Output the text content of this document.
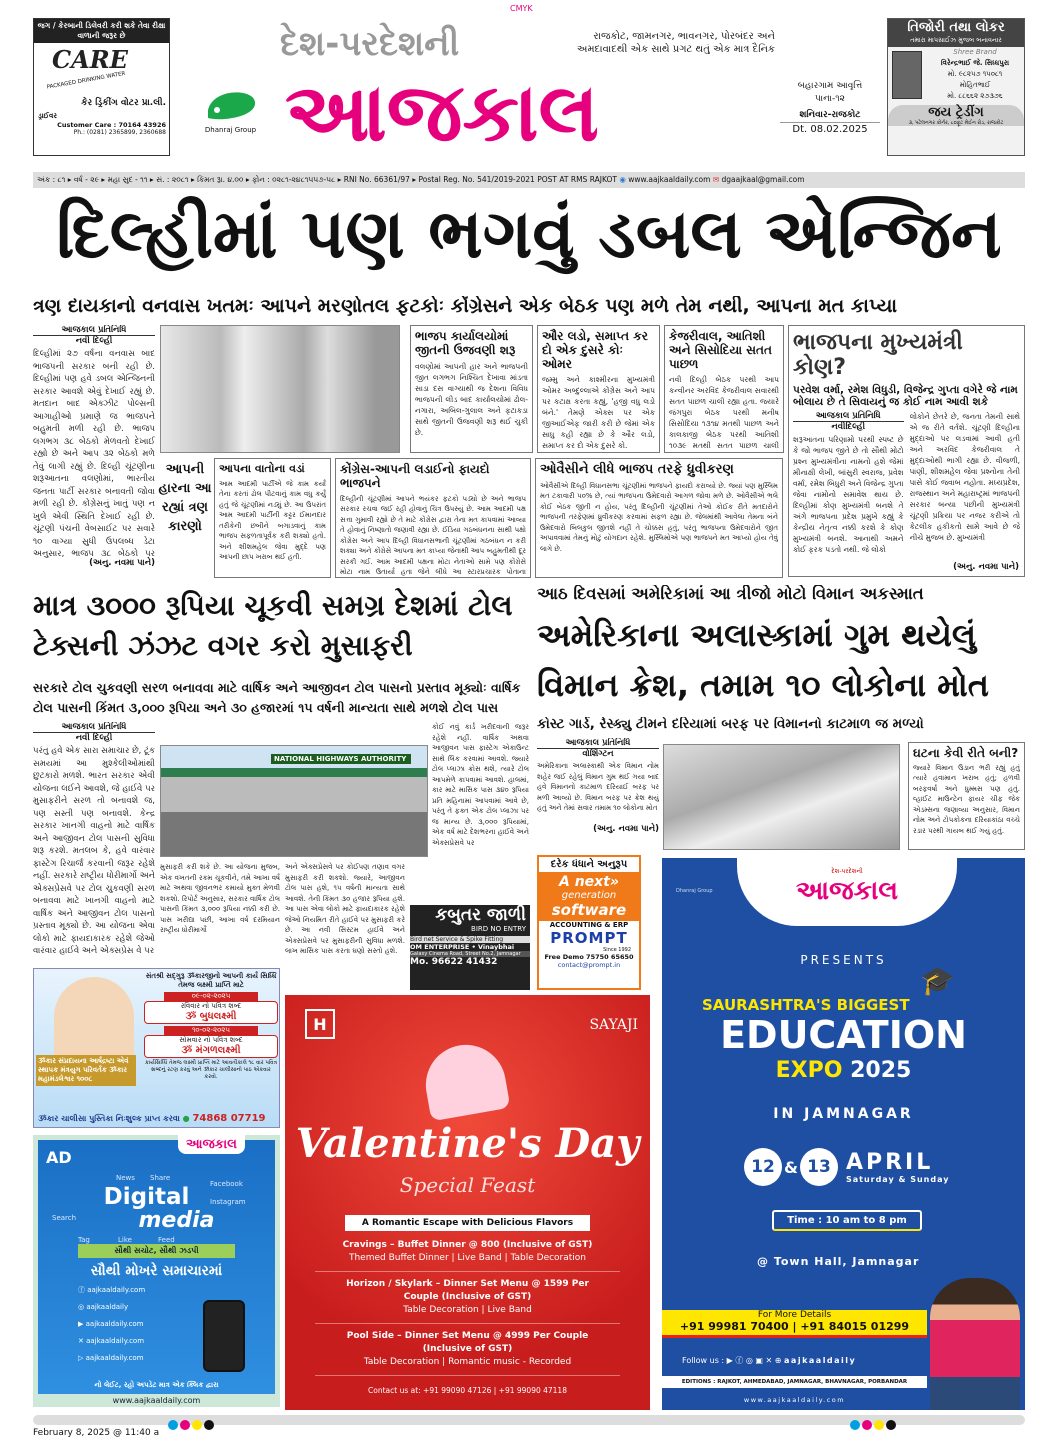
CMYK
જગ / કેરબાની ડિલેવરી કરી શકે તેવા રીક્ષા વાળાની જરૂર છે
CARE
PACKAGED DRINKING WATER
કેર ડ્રિંકીંગ વોટર પ્રા.લી.
ડ્રાઈવર
Customer Care : 70164 43926
Ph.: (0281) 2365899, 2360688	Dhanraj Group
દેશ-પરદેશની
આજકાલ
રાજકોટ, જામનગર, ભાવનગર, પોરબંદર અને અમદાવાદથી એક સાથે પ્રગટ થતું એક માત્ર દૈનિક
બહારગામ આવૃત્તિ
પાના-૧૨
શનિવાર-રાજકોટ
Dt. 08.02.2025
તિજોરી તથા લોકર
તમારા માપસાઈઝ મુજબ બનાવનાર
Shree Brand
વિરેન્દ્રભાઈ જે. સિધ્ધપુરા
મો. ૯૮૨૫૭ ૧૫૦૮૧
મોહિતભાઈ
મો. ૮૮૬૬૨ ૨૭૩૭૬
જય ટ્રેડીંગ
૩, પટેલનગર કોર્નર, ૮૦ફૂટ મેઈન રોડ, રાજકોટ
અંક : ૮૧ ▸ વર્ષ - ૨૯ ▸ મહા સુદ - ૧૧ ▸ સં. : ૨૦૮૧ ▸ કિંમત રૂા. ૪.૦૦ ▸ ફોન : ૦૨૮૧-૨૪૮૧૫૫૭-૫૮ ▸ RNI No. 66361/97 ▸ Postal Reg. No. 541/2019-2021 POST AT RMS RAJKOT ◉ www.aajkaaldaily.com ✉ dgaajkaal@gmail.com
દિલ્હીમાં પણ ભગવું ડબલ એન્જિન
ત્રણ દાયકાનો વનવાસ ખતમઃ આપને મરણોતલ ફટકોઃ કોંગ્રેસને એક બેઠક પણ મળે તેમ નથી, આપના મત કાપ્યા
આજકાલ પ્રતિનિધિ
નવી દિલ્હી
દિલ્હીમાં ૨૭ વર્ષના વનવાસ બાદ ભાજપની સરકાર બની રહી છે. દિલ્હીમાં પણ હવે ડબલ એન્જિનની સરકાર આવશે એવું દેખાઈ રહ્યું છે. મતદાન બાદ એક્ઝીટ પોલ્સની આગાહીઓ પ્રમાણે જ ભાજપને બહુમતી મળી રહી છે. ભાજપ લગભગ ૩૮ બેઠકો મેળવતો દેખાઈ રહ્યો છે અને આપ ૩૨ બેઠકો મળે તેવું લાગી રહ્યું છે. દિલ્હી ચૂંટણીના શરૂઆતના વલણોમાં, ભારતીય જનતા પાર્ટી સરકાર બનાવતી જોવા મળી રહી છે. કોંગ્રેસનું ખાતું પણ ન ખુલે એવી સ્થિતિ દેખાઈ રહી છે. ચૂંટણી પંચની વેબસાઈટ પર સવારે ૧૦ વાગ્યા સુધી ઉપલબ્ધ ડેટા અનુસાર, ભાજપ ૩૮ બેઠકો પર
(અનુ. નવમા પાને)
ભાજપ કાર્યાલયોમાં જીતની ઉજવણી શરૂ
વલણોમાં આપની હાર અને ભાજપની જીત લગભગ નિશ્ચિત દેખાવા માંડતા સાડા દસ વાગ્યાથી જ દેશના વિવિધ ભાજપની લીડ બાદ કાર્યાલયોમાં ઢોલ-નગારા, અબિલ-ગુલાલ અને ફટાકડા સાથે જીતની ઉજવણી શરૂ થઈ ચુકી છે.
ઔર લડો, સમાપ્ત કર દો એક દુસરે કોઃ ઓમર
જમ્મુ અને કાશ્મીરના મુખ્યમંત્રી ઓમર અબ્દુલ્લાએ કોંગ્રેસ અને આપ પર કટાક્ષ કરતા કહ્યું, 'હજી વધુ લડો બંને.' તેમણે એક્સ પર એક જીઆઈએફ જારી કરી છે જેમાં એક સાધુ કહી રહ્યા છે કે ઔર લડો, સમાપ્ત કર દો એક દુસરે કો.
કેજરીવાલ, આતિશી અને સિસોદિયા સતત પાછળ
નવી દિલ્હી બેઠક પરથી આપ કન્વીનર અરવિંદ કેજરીવાલ સવારથી સતત પાછળ ચાલી રહ્યા હતા. જયારે જંગપુરા બેઠક પરથી મનીષ સિસોદિયા ૧૩૧૪ મતથી પાછળ અને કાલકાજી બેઠક પરથી આતિશી ૧૦૩૯ મતથી સતત પાછળ ચાલી
ભાજપના મુખ્યમંત્રી કોણ?
પરવેશ વર્મા, રમેશ વિધુડી, વિજેન્દ્ર ગુપ્તા વગેરે જે નામ બોલાય છે તે સિવાયનું જ કોઈ નામ આવી શકે
આજકાલ પ્રતિનિધિ
નવીદિલ્હી
શરૂઆતના પરિણામો પરથી સ્પષ્ટ છે કે જો ભાજપ જીતે છે તો સૌથી મોટો પ્રશ્ન મુખ્યમંત્રીના નામનો હશે જેમાં મીનાક્ષી લેખી, બાંસુરી સ્વરાજ, પ્રવેશ વર્મા, રમેશ બિધુરી અને વિજેન્દ્ર ગુપ્તા જેવા નામોનો સમાવેશ થાય છે. દિલ્હીમાં કોણ મુખ્યમંત્રી બનશે તે અંગે ભાજપના પ્રદેશ પ્રમુખે કહ્યું કે કેન્દ્રીય નેતૃત્વ નક્કી કરશે કે કોણ મુખ્યમંત્રી બનશે. આનાથી અમને કોઈ ફરક પડતો નથી. જે લોકો
લોકોને છેતરે છે, જનતા તેમની સાથે એ જ રીતે વર્તશે. ચૂંટણી દિલ્હીના મુદ્દાઓ પર લડવામાં આવી હતી અને અરવિંદ કેજરીવાલ તે મુદ્દાઓથી ભાગી રહ્યા છે. વીજળી, પાણી, શીશમહેલ જેવા પ્રશ્નોના તેની પાસે કોઈ જવાબ નહોતા. મધ્યપ્રદેશ, રાજસ્થાન અને મહારાષ્ટ્રમાં ભાજપની સરકાર બન્યા પછીની મુખ્યમંત્રી ચૂંટણી પ્રક્રિયા પર નજર કરીએ તો કેટલીક હકીકતો સામે આવે છે જે નીચે મુજબ છે. મુખ્યમંત્રી
(અનુ. નવમા પાને)
આપની હારના આ રહ્યાં ત્રણ કારણો
આપના વાતોના વડાં
આમ આદમી પાર્ટીએ જે કામ કર્યાં તેના કરતાં ઢોલ પીટવાનું કામ વધુ કર્યું હતું જે ચૂંટણીમાં નડ્યું છે. આ ઉપરાંત આમ આદમી પાર્ટીની કટ્ટર ઈમાનદાર તરીકેની છબીને બગાડવાનું કામ ભાજપ સફળતાપૂર્વક કરી શક્યો હતો. અને શીશમહેલ જેવા મુદ્દે પણ આપની છાપ ખરાબ થઈ હતી.
કોંગ્રેસ-આપની લડાઈનો ફાયદો ભાજપને
દિલ્હીની ચૂંટણીમાં આપને ભયંકર ફટકો પડ્યો છે અને ભાજપ સરકાર રચવા જઈ રહી હોવાનું ચિત્ર ઉપસ્યું છે. આમ આદમી પક્ષ સત્તા ગુમાવી રહ્યો છે તે માટે કોંગ્રેસ દ્વારા તેના મત કાપવામાં આવ્યા તે હોવાનું નિષ્ણાતો જણાવી રહ્યા છે. ઈંડિયા ગઠબંધનના સાથી પક્ષો કોંગ્રેસ અને આપ દિલ્હી વિધાનસભાની ચૂંટણીમાં ગઠબંધન ન કરી શક્યા અને કોંગ્રેસે આપના મત કાપ્યા જેનાથી આપ બહુમતીથી દૂર સરકી ગઈ. આમ આદમી પક્ષના મોટા નેતાઓ સામે પણ કોંગ્રેસે મોટા નામ ઉતાર્યા હતા જેને લીધે આ સ્ટારપ્રચારક પોતાના
ઓવૈસીને લીધે ભાજપ તરફે ધ્રુવીકરણ
ઓવૈસીએ દિલ્હી વિધાનસભા ચૂંટણીમાં ભાજપને ફાયદો કરાવ્યો છે. જ્યાં પણ મુસ્લિમ મત ટકાવારી ૫૦% છે, ત્યાં ભાજપના ઉમેદવારો આગળ જોવા મળે છે. ઓવૈસીએ ભલે કોઈ બેઠક જીતી ન હોય, પરંતુ દિલ્હીની ચૂંટણીમાં તેઓ કોઈક રીતે મતદારોને ભાજપની તરફેણમાં ધ્રુવીકરણ કરવામાં સફળ રહ્યા છે. જેલમાંથી આવેલા તેમના બંને ઉમેદવારો બિલકુલ જીતશે નહીં તે ચોક્કસ હતું, પરંતુ ભાજપના ઉમેદવારોને જીત અપાવવામાં તેમનું મોટું યોગદાન રહેશે. મુસ્લિમોએ પણ ભાજપને મત આપ્યો હોય તેવું લાગે છે.
માત્ર ૩૦૦૦ રૂપિયા ચૂકવી સમગ્ર દેશમાં ટોલ ટેક્સની ઝંઝટ વગર કરો મુસાફરી
સરકારે ટોલ ચુકવણી સરળ બનાવવા માટે વાર્ષિક અને આજીવન ટોલ પાસનો પ્રસ્તાવ મૂક્યોઃ વાર્ષિક ટોલ પાસની કિંમત ૩,૦૦૦ રૂપિયા અને ૩૦ હજારમાં ૧૫ વર્ષની માન્યતા સાથે મળશે ટોલ પાસ
આજકાલ પ્રતિનિધિ
નવી દિલ્હી
પરંતુ હવે એક સારા સમાચાર છે, ટૂંક સમયમાં આ મુશ્કેલીઓમાંથી છુટકારો મળશે. ભારત સરકાર એવી યોજના લઈને આવશે, જે હાઈવે પર મુસાફરીને સરળ તો બનાવશે જ, પણ સસ્તી પણ બનાવશે. કેન્દ્ર સરકાર ખાનગી વાહનો માટે વાર્ષિક અને આજીવન ટોલ પાસની સુવિધા શરૂ કરશે. મતલબ કે, હવે વારંવાર ફાસ્ટેગ રિચાર્જ કરવાની જરૂર રહેશે નહીં. સરકારે રાષ્ટ્રીય ધોરીમાર્ગો અને એક્સપ્રેસવે પર ટોલ ચુકવણી સરળ બનાવવા માટે ખાનગી વાહનો માટે વાર્ષિક અને આજીવન ટોલ પાસનો પ્રસ્તાવ મૂક્યો છે. આ યોજના એવા લોકો માટે ફાયદાકારક રહેશે જેઓ વારંવાર હાઈવે અને એક્સપ્રેસ વે પર
NATIONAL HIGHWAYS AUTHORITY
કોઈ નવું કાર્ડ ખરીદવાની જરૂર રહેશે નહીં. વાર્ષિક અથવા આજીવન પાસ ફાસ્ટેગ એકાઉન્ટ સાથે લિંક કરવામાં આવશે. જ્યારે ટોલ પ્લાઝા ક્રોસ થશે, ત્યારે ટોલ આપમેળે કાપવામાં આવશે. હાલમાં, કાર માટે માસિક પાસ ૩૪૦ રૂપિયા પ્રતિ મહિનામાં આપવામાં આવે છે, પરંતુ તે ફક્ત એક ટોલ પ્લાઝા પર જ માન્ય છે. ૩,૦૦૦ રૂપિયામાં, એક વર્ષ માટે દેશભરના હાઈવે અને એક્સપ્રેસવે પર
મુસાફરી કરી શકે છે. આ યોજના મુજબ, એક વખતની રકમ ચૂકવીને, તમે આખા વર્ષ માટે અથવા જીવનભર કમાયો મુક્ત મેળવી શકશો. રિપોર્ટ અનુસાર, સરકાર વાર્ષિક ટોલ પાસની કિંમત ૩,૦૦૦ રૂપિયા નક્કી કરી છે. પાસ ખરીદ્યા પછી, આખા વર્ષ દરમિયાન રાષ્ટ્રીય ધોરીમાર્ગો
અને એક્સપ્રેસવે પર કોઈપણ તણાવ વગર મુસાફરી કરી શકશો. જ્યારે, આજીવન ટોલ પાસ હશે, ૧૫ વર્ષની માન્યતા સાથે આવશે. તેની કિંમત ૩૦ હજાર રૂપિયા હશે. આ પાસ એવા લોકો માટે ફાયદાકારક રહેશે જેઓ નિયમિત રીતે હાઈવે પર મુસાફરી કરે છે. આ નવી સિસ્ટમ હાઈવે અને એક્સપ્રેસવે પર મુસાફરીની સુવિધા મળશે. લાખ માસિક પાસ કરતા ઘણો સસ્તો હશે.
કબુતર જાળી
BIRD NO ENTRY
Bird net Service & Spike Fitting
OM ENTERPRISE • Vinaybhai
Galaxy Cinema Road, Street No.2, Jamnagar
Mo. 96622 41432
આઠ દિવસમાં અમેરિકામાં આ ત્રીજો મોટો વિમાન અકસ્માત
અમેરિકાના અલાસ્કામાં ગુમ થયેલું વિમાન ક્રેશ, તમામ ૧૦ લોકોના મોત
કોસ્ટ ગાર્ડ, રેસ્ક્યુ ટીમને દરિયામાં બરફ પર વિમાનનો કાટમાળ જ મળ્યો
આજકાલ પ્રતિનિધિ
વોશિંગ્ટન
અમેરિકાના અલાસ્કાથી એક વિમાન નોમ શહેર જઈ રહેલું વિમાન ગુમ થઈ ગયા બાદ હવે વિમાનનો કાટમાળ દરિયાઈ બરફ પર મળી આવ્યો છે. વિમાન બરફ પર ક્રેશ થયું હતું અને તેમાં સવાર તમામ ૧૦ લોકોના મોત
(અનુ. નવમા પાને)
ઘટના કેવી રીતે બની?
જ્યારે વિમાન ઉડાન ભરી રહ્યું હતું ત્યારે હવામાન ખરાબ હતું; હળવી બરફવર્ષા અને ધુમ્મસ પણ હતું. વ્હાઈટ માઉન્ટેન ફાયર ચીફ જેક એડમ્સના જણાવ્યા અનુસાર, વિમાન નોમ અને ટોપકોકના દરિયાકાંઠા વચ્ચે રડાર પરથી ગાયબ થઈ ગયું હતું.
દરેક ધંધાને અનુરૂપ
A next»
generation
software
ACCOUNTING & ERP
PROMPT
Since 1992
Free Demo 75750 65650
contact@prompt.in
ૐકાર સંપ્રદાયના આર્ષદ્રષ્ટા એવં સ્થાપક મંત્રયુગ પરિવર્તક ૐકાર મહામંડલેશ્વર ૧૦૦૮
સંતશ્રી સદ્ગુરૂ ૐકારજીનો આપની કાર્ય સિધ્ધિ તેમજ લક્ષ્મી પ્રાપ્તિ માટે
૦૯-૦૨-૨૦૨૫
રવિવાર નો પવિત્ર શબ્દ
ૐ બુધલક્ષ્મી
૧૦-૦૨-૨૦૨૫
સોમવાર નો પવિત્ર શબ્દ
ૐ મંગળલક્ષ્મી
કાર્યસિધ્ધિ તેમજ લક્ષ્મી પ્રાપ્તિ માટે આવતીકાલે ૧૮ વાર પવિત્ર શબ્દનું રટણ કરવું અને ૐકાર ચાલીસાનો પાઠ એકવાર કરવો.
ૐકાર ચાલીસા પુસ્તિકા નિઃશુલ્ક પ્રાપ્ત કરવા ● 74868 07719
AD
આજકાલ
News Share
Facebook
Instagram
Search
Tag	Like	Feed
Digital
media
સૌથી સચોટ, સૌથી ઝડપી
સૌથી મોખરે સમાચારમાં
ⓕ aajkaaldaily.com
◎ aajkaaldaily
▶ aajkaaldaily.com
✕ aajkaaldaily.com
▷ aajkaaldaily.com
નો લેઈટ, રહો અપડેટ માત્ર એક ક્લિક દ્વારા
www.aajkaaldaily.com
H	SAYAJI
Valentine's Day
Special Feast
A Romantic Escape with Delicious Flavors
Cravings – Buffet Dinner @ 800 (Inclusive of GST)
Themed Buffet Dinner | Live Band | Table Decoration
Horizon / Skylark – Dinner Set Menu @ 1599 Per Couple (Inclusive of GST)
Table Decoration | Live Band
Pool Side – Dinner Set Menu @ 4999 Per Couple (Inclusive of GST)
Table Decoration | Romantic music - Recorded
Contact us at: +91 99090 47126 | +91 99090 47118
Dhanraj Group
દેશ-પરદેશની
આજકાલ
PRESENTS
🎓
SAURASHTRA'S BIGGEST
EDUCATION
EXPO 2025
IN JAMNAGAR
12 & 13 APRIL
Saturday & Sunday
Time : 10 am to 8 pm
@ Town Hall, Jamnagar
For More Details
+91 99981 70400 | +91 84015 01299
Follow us : ▶ ⓕ ◎ ▣ ✕ ⊕ aajkaaldaily
EDITIONS : RAJKOT, AHMEDABAD, JAMNAGAR, BHAVNAGAR, PORBANDAR
www.aajkaaldaily.com
February 8, 2025 @ 11:40 a
